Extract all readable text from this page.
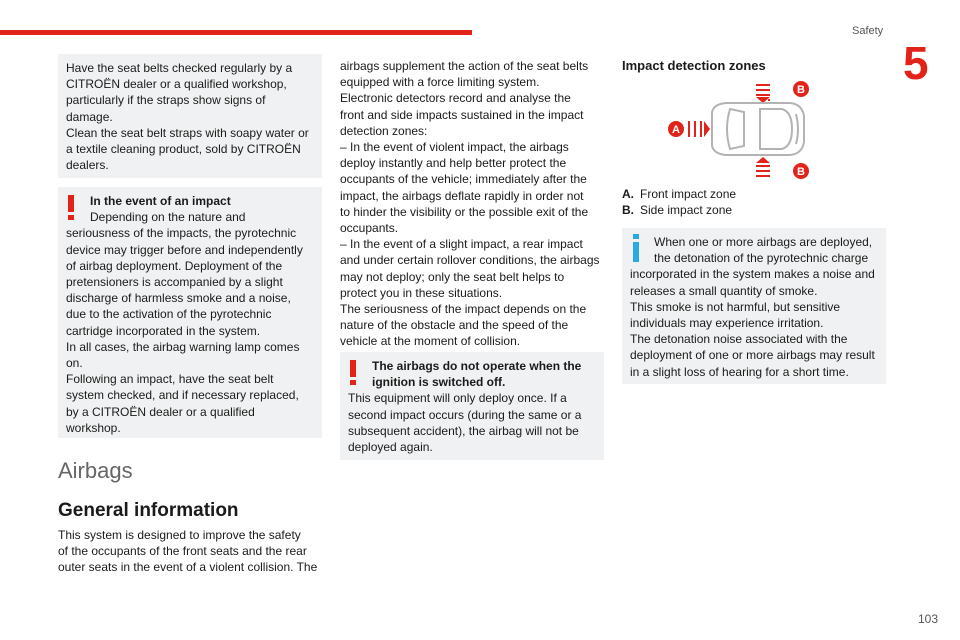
Safety
5
103

Have the seat belts checked regularly by a

CITROËN dealer or a qualified workshop,

particularly if the straps show signs of

damage.

Clean the seat belt straps with soapy water or

a textile cleaning product, sold by CITROËN

dealers.

In the event of an impact

Depending on the nature and

seriousness of the impacts, the pyrotechnic

device may trigger before and independently

of airbag deployment. Deployment of the

pretensioners is accompanied by a slight

discharge of harmless smoke and a noise,

due to the activation of the pyrotechnic

cartridge incorporated in the system.

In all cases, the airbag warning lamp comes

on.

Following an impact, have the seat belt

system checked, and if necessary replaced,

by a CITROËN dealer or a qualified

workshop.

Airbags
General information

This system is designed to improve the safety

of the occupants of the front seats and the rear

outer seats in the event of a violent collision. The

airbags supplement the action of the seat belts

equipped with a force limiting system.

Electronic detectors record and analyse the

front and side impacts sustained in the impact

detection zones:

– In the event of violent impact, the airbags

deploy instantly and help better protect the

occupants of the vehicle; immediately after the

impact, the airbags deflate rapidly in order not

to hinder the visibility or the possible exit of the

occupants.

– In the event of a slight impact, a rear impact

and under certain rollover conditions, the airbags

may not deploy; only the seat belt helps to

protect you in these situations.

The seriousness of the impact depends on the

nature of the obstacle and the speed of the

vehicle at the moment of collision.

The airbags do not operate when the

ignition is switched off.

This equipment will only deploy once. If a

second impact occurs (during the same or a

subsequent accident), the airbag will not be

deployed again.

Impact detection zones
A
B
B
A. Front impact zone
B. Side impact zone

When one or more airbags are deployed,

the detonation of the pyrotechnic charge

incorporated in the system makes a noise and

releases a small quantity of smoke.

This smoke is not harmful, but sensitive

individuals may experience irritation.

The detonation noise associated with the

deployment of one or more airbags may result

in a slight loss of hearing for a short time.
